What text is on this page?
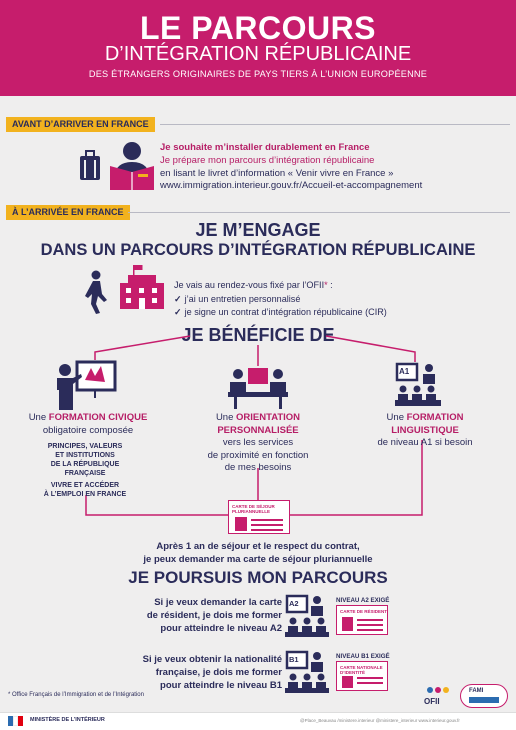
LE PARCOURS
D’INTÉGRATION RÉPUBLICAINE
DES ÉTRANGERS ORIGINAIRES DE PAYS TIERS À L’UNION EUROPÉENNE
AVANT D’ARRIVER EN FRANCE
Je souhaite m’installer durablement en France
Je prépare mon parcours d’intégration républicaine
en lisant le livret d’information « Venir vivre en France »
www.immigration.interieur.gouv.fr/Accueil-et-accompagnement
À L’ARRIVÉE EN FRANCE
JE M’ENGAGE
DANS UN PARCOURS D’INTÉGRATION RÉPUBLICAINE
Je vais au rendez-vous fixé par l’OFII* :
✓ j’ai un entretien personnalisé
✓ je signe un contrat d’intégration républicaine (CIR)
JE BÉNÉFICIE DE
Une FORMATION CIVIQUE
obligatoire composée
PRINCIPES, VALEURS
ET INSTITUTIONS
DE LA RÉPUBLIQUE
FRANÇAISE
VIVRE ET ACCÉDER
À L’EMPLOI EN FRANCE
Une ORIENTATION
PERSONNALISÉE
vers les services
de proximité en fonction
de mes besoins
A1
Une FORMATION LINGUISTIQUE
de niveau A1 si besoin
CARTE DE SÉJOUR
PLURIANNUELLE
Après 1 an de séjour et le respect du contrat,
je peux demander ma carte de séjour pluriannuelle
JE POURSUIS MON PARCOURS
Si je veux demander la carte
de résident, je dois me former
pour atteindre le niveau A2
A2	NIVEAU A2 EXIGÉ
CARTE DE RÉSIDENT
Si je veux obtenir la nationalité
française, je dois me former
pour atteindre le niveau B1
B1	NIVEAU B1 EXIGÉ
CARTE NATIONALE
D’IDENTITÉ
* Office Français de l’Immigration et de l’Intégration
OFII
FAMI
MINISTÈRE DE L’INTÉRIEUR	@Place_Beauvau /ministere.interieur @ministere_interieur www.interieur.gouv.fr
